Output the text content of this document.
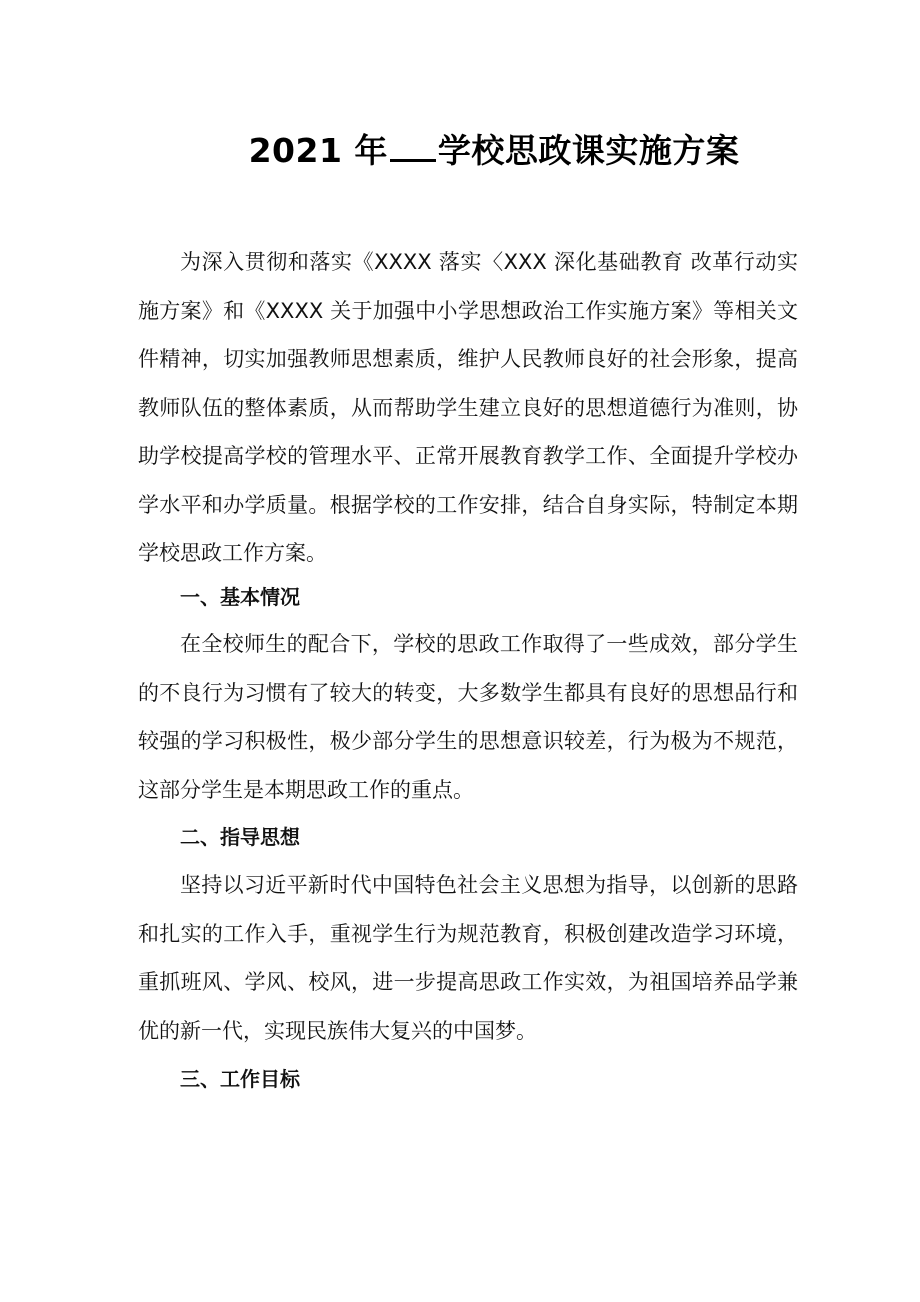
2021 年 学校思政课实施方案

为深入贯彻和落实《XXXX 落实〈XXX 深化基础教育 改革行动实施方案》和《XXXX 关于加强中小学思想政治工作实施方案》等相关文件精神，切实加强教师思想素质，维护人民教师良好的社会形象，提高教师队伍的整体素质，从而帮助学生建立良好的思想道德行为准则，协助学校提高学校的管理水平、正常开展教育教学工作、全面提升学校办学水平和办学质量。根据学校的工作安排，结合自身实际，特制定本期学校思政工作方案。

一、基本情况

在全校师生的配合下，学校的思政工作取得了一些成效，部分学生的不良行为习惯有了较大的转变，大多数学生都具有良好的思想品行和较强的学习积极性，极少部分学生的思想意识较差，行为极为不规范，这部分学生是本期思政工作的重点。

二、指导思想

坚持以习近平新时代中国特色社会主义思想为指导，以创新的思路和扎实的工作入手，重视学生行为规范教育，积极创建改造学习环境，重抓班风、学风、校风，进一步提高思政工作实效，为祖国培养品学兼优的新一代，实现民族伟大复兴的中国梦。

三、工作目标
